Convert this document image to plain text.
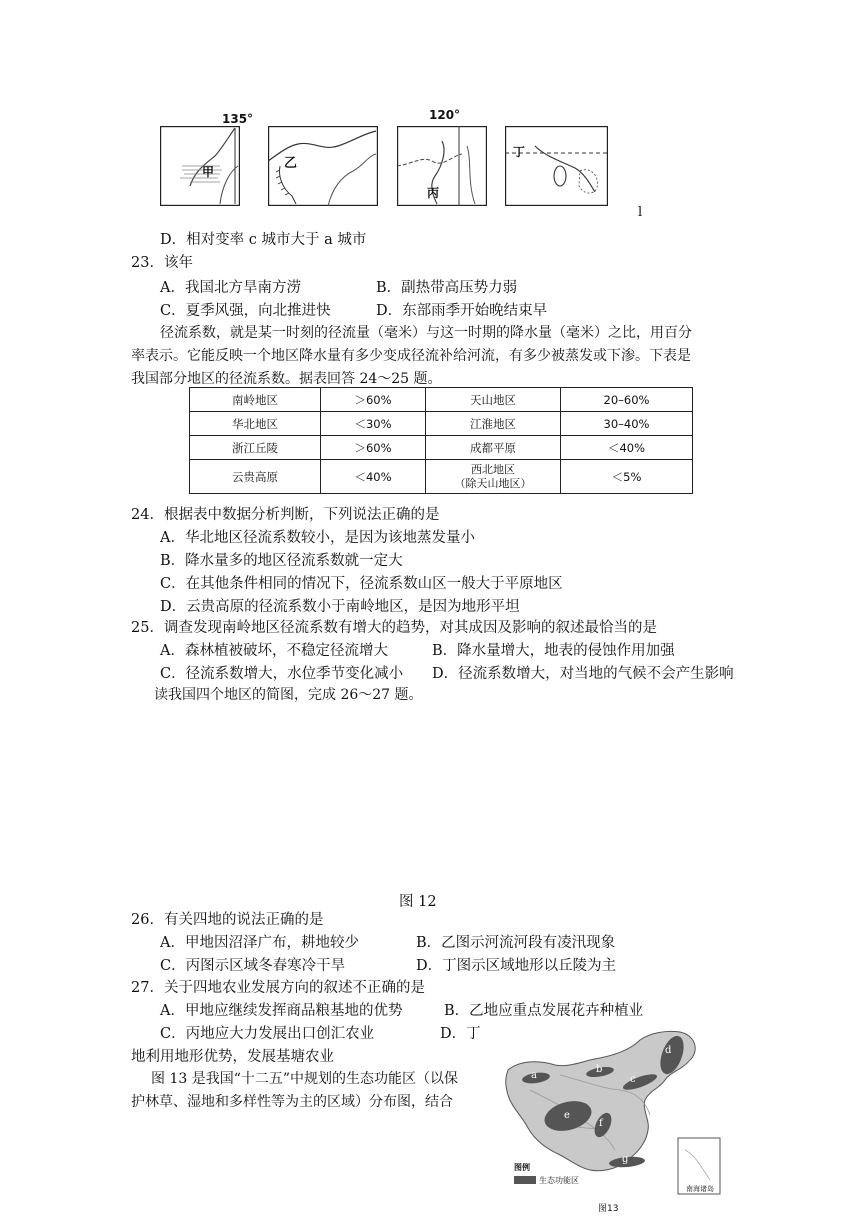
135°
甲
乙
120°
丙
丁
l
D．相对变率 c 城市大于 a 城市
23．该年
A．我国北方旱南方涝	B．副热带高压势力弱
C．夏季风强，向北推进快	D．东部雨季开始晚结束早
径流系数，就是某一时刻的径流量（毫米）与这一时期的降水量（毫米）之比，用百分
率表示。它能反映一个地区降水量有多少变成径流补给河流，有多少被蒸发或下渗。下表是
我国部分地区的径流系数。据表回答 24～25 题。
南岭地区	＞60%	天山地区	20–60%
华北地区	＜30%	江淮地区	30–40%
浙江丘陵	＞60%	成都平原	＜40%
云贵高原	＜40%	西北地区
（除天山地区）	＜5%
24．根据表中数据分析判断，下列说法正确的是
A．华北地区径流系数较小，是因为该地蒸发量小
B．降水量多的地区径流系数就一定大
C．在其他条件相同的情况下，径流系数山区一般大于平原地区
D．云贵高原的径流系数小于南岭地区，是因为地形平坦
25．调查发现南岭地区径流系数有增大的趋势，对其成因及影响的叙述最恰当的是
A．森林植被破坏，不稳定径流增大	B．降水量增大，地表的侵蚀作用加强
C．径流系数增大，水位季节变化减小 D．径流系数增大，对当地的气候不会产生影响
读我国四个地区的简图，完成 26～27 题。
图 12
26．有关四地的说法正确的是
A．甲地因沼泽广布，耕地较少	B．乙图示河流河段有凌汛现象
C．丙图示区域冬春寒冷干旱	D．丁图示区域地形以丘陵为主
27．关于四地农业发展方向的叙述不正确的是
A．甲地应继续发挥商品粮基地的优势	B．乙地应重点发展花卉种植业
C．丙地应大力发展出口创汇农业	D．丁
地利用地形优势，发展基塘农业
图 13 是我国“十二五”中规划的生态功能区（以保
护林草、湿地和多样性等为主的区域）分布图，结合
a
b
c
d
e
f
g
图例
生态功能区
南海诸岛
图13
